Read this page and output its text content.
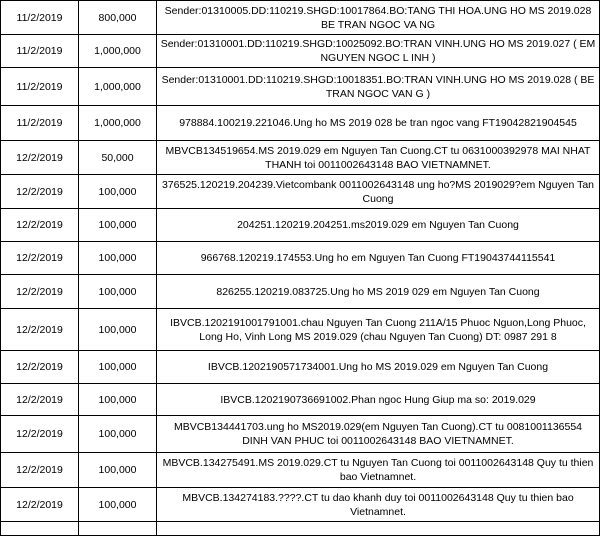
11/2/2019	800,000	Sender:01310005.DD:110219.SHGD:10017864.BO:TANG THI HOA.UNG HO MS 2019.028 BE TRAN NGOC VA NG
11/2/2019	1,000,000	Sender:01310001.DD:110219.SHGD:10025092.BO:TRAN VINH.UNG HO MS 2019.027 ( EM NGUYEN NGOC L INH )
11/2/2019	1,000,000	Sender:01310001.DD:110219.SHGD:10018351.BO:TRAN VINH.UNG HO MS 2019.028 ( BE TRAN NGOC VAN G )
11/2/2019	1,000,000	978884.100219.221046.Ung ho MS 2019 028 be tran ngoc vang FT19042821904545
12/2/2019	50,000	MBVCB134519654.MS 2019.029 em Nguyen Tan Cuong.CT tu 0631000392978 MAI NHAT THANH toi 0011002643148 BAO VIETNAMNET.
12/2/2019	100,000	376525.120219.204239.Vietcombank 0011002643148 ung ho?MS 2019029?em Nguyen Tan Cuong
12/2/2019	100,000	204251.120219.204251.ms2019.029 em Nguyen Tan Cuong
12/2/2019	100,000	966768.120219.174553.Ung ho em Nguyen Tan Cuong FT19043744115541
12/2/2019	100,000	826255.120219.083725.Ung ho MS 2019 029 em Nguyen Tan Cuong
12/2/2019	100,000	IBVCB.1202191001791001.chau Nguyen Tan Cuong 211A/15 Phuoc Nguon,Long Phuoc, Long Ho, Vinh Long MS 2019.029 (chau Nguyen Tan Cuong) DT: 0987 291 8
12/2/2019	100,000	IBVCB.1202190571734001.Ung ho MS 2019.029 em Nguyen Tan Cuong
12/2/2019	100,000	IBVCB.1202190736691002.Phan ngoc Hung Giup ma so: 2019.029
12/2/2019	100,000	MBVCB134441703.ung ho MS2019.029(em Nguyen Tan Cuong).CT tu 0081001136554 DINH VAN PHUC toi 0011002643148 BAO VIETNAMNET.
12/2/2019	100,000	MBVCB.134275491.MS 2019.029.CT tu Nguyen Tan Cuong toi 0011002643148 Quy tu thien bao Vietnamnet.
12/2/2019	100,000	MBVCB.134274183.????.CT tu dao khanh duy toi 0011002643148 Quy tu thien bao Vietnamnet.
